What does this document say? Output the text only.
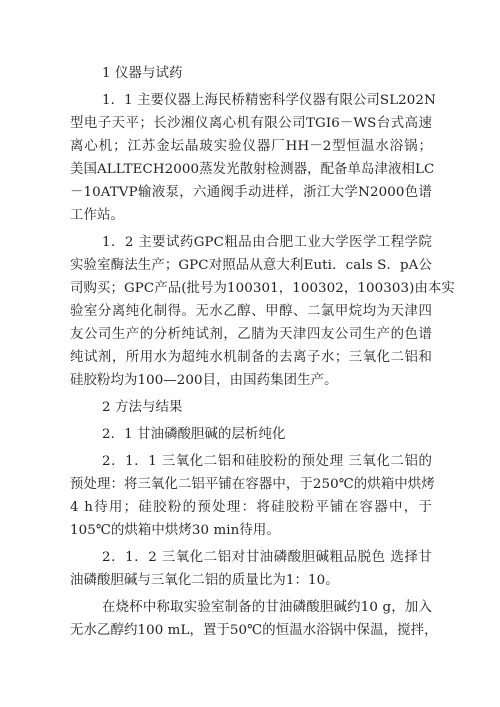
1 仪器与试药
1．1 主要仪器上海民桥精密科学仪器有限公司SL202N
型电子天平；长沙湘仪离心机有限公司TGI6－WS台式高速
离心机；江苏金坛晶玻实验仪器厂HH－2型恒温水浴锅；
美国ALLTECH2000蒸发光散射检测器，配备单岛津液相LC
－10ATVP输液泵，六通阀手动进样，浙江大学N2000色谱
工作站。
1．2 主要试药GPC粗品由合肥工业大学医学工程学院
实验室酶法生产；GPC对照品从意大利Euti．cals S．pA公
司购买；GPC产品(批号为100301，100302，100303)由本实
验室分离纯化制得。无水乙醇、甲醇、二氯甲烷均为天津四
友公司生产的分析纯试剂，乙腈为天津四友公司生产的色谱
纯试剂，所用水为超纯水机制备的去离子水；三氧化二铝和
硅胶粉均为100—200目，由国药集团生产。
2 方法与结果
2．1 甘油磷酸胆碱的层析纯化
2．1．1 三氧化二铝和硅胶粉的预处理 三氧化二铝的
预处理：将三氧化二铝平铺在容器中，于250℃的烘箱中烘烤
4 h待用；硅胶粉的预处理：将硅胶粉平铺在容器中，于
105℃的烘箱中烘烤30 min待用。
2．1．2 三氧化二铝对甘油磷酸胆碱粗品脱色 选择甘
油磷酸胆碱与三氧化二铝的质量比为1：10。
在烧杯中称取实验室制备的甘油磷酸胆碱约10 g，加入
无水乙醇约100 mL，置于50℃的恒温水浴锅中保温，搅拌，
